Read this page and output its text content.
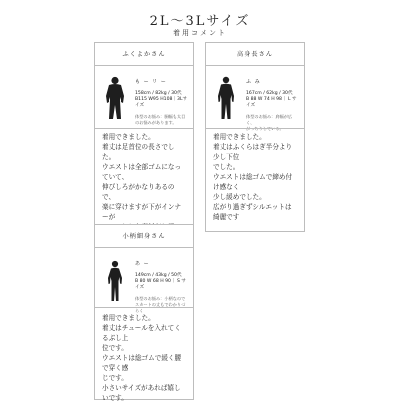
2L～3Lサイズ
着用コメント
ふくよかさん
も ー リ ー
158cm / 82kg / 30代
B115 W95 H108｜3Lサイズ
体型のお悩み：胴幅も太目
のお悩みがあります。
着用できました。
着丈は足首位の長さでした。
ウエストは全部ゴムになっていて、
伸びしろがかなりあるので、
楽に穿けますが下がインナーが

高身長さん
ふ み
167cm / 62kg / 30代
B 88 W 74 H 98｜ L サイズ
体型のお悩み：肩幅が広く、
がっちりしている。
着用できました。
着丈はふくらはぎ半分より少し下位
でした。
ウエストは総ゴムで締め付け感なく
少し緩めでした。
広がり過ぎずシルエットは綺麗です
小柄細身さん
あ ー
149cm / 43kg / 50代
B 80 W 68 H 90｜ S サイズ
体型のお悩み：小柄なので
スカートの丈もでわかりづらく
着用できました。
着丈はチュールを入れてくるぶし上
位です。
ウエストは総ゴムで緩く腰で穿く感
じです。
小さいサイズがあれば嬉しいです。
